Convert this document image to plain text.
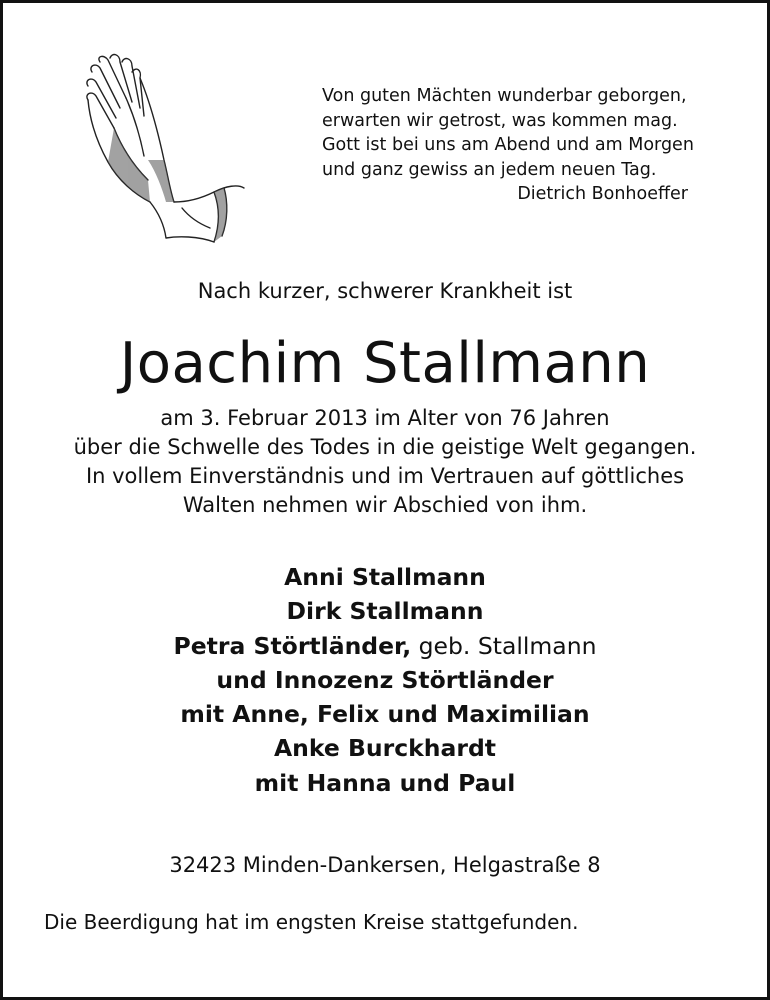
Von guten Mächten wunderbar geborgen,
erwarten wir getrost, was kommen mag.
Gott ist bei uns am Abend und am Morgen
und ganz gewiss an jedem neuen Tag.
Dietrich Bonhoeffer
Nach kurzer, schwerer Krankheit ist
Joachim Stallmann
am 3. Februar 2013 im Alter von 76 Jahren
über die Schwelle des Todes in die geistige Welt gegangen.
In vollem Einverständnis und im Vertrauen auf göttliches
Walten nehmen wir Abschied von ihm.
Anni Stallmann
Dirk Stallmann
Petra Störtländer, geb. Stallmann
und Innozenz Störtländer
mit Anne, Felix und Maximilian
Anke Burckhardt
mit Hanna und Paul
32423 Minden-Dankersen, Helgastraße 8
Die Beerdigung hat im engsten Kreise stattgefunden.
